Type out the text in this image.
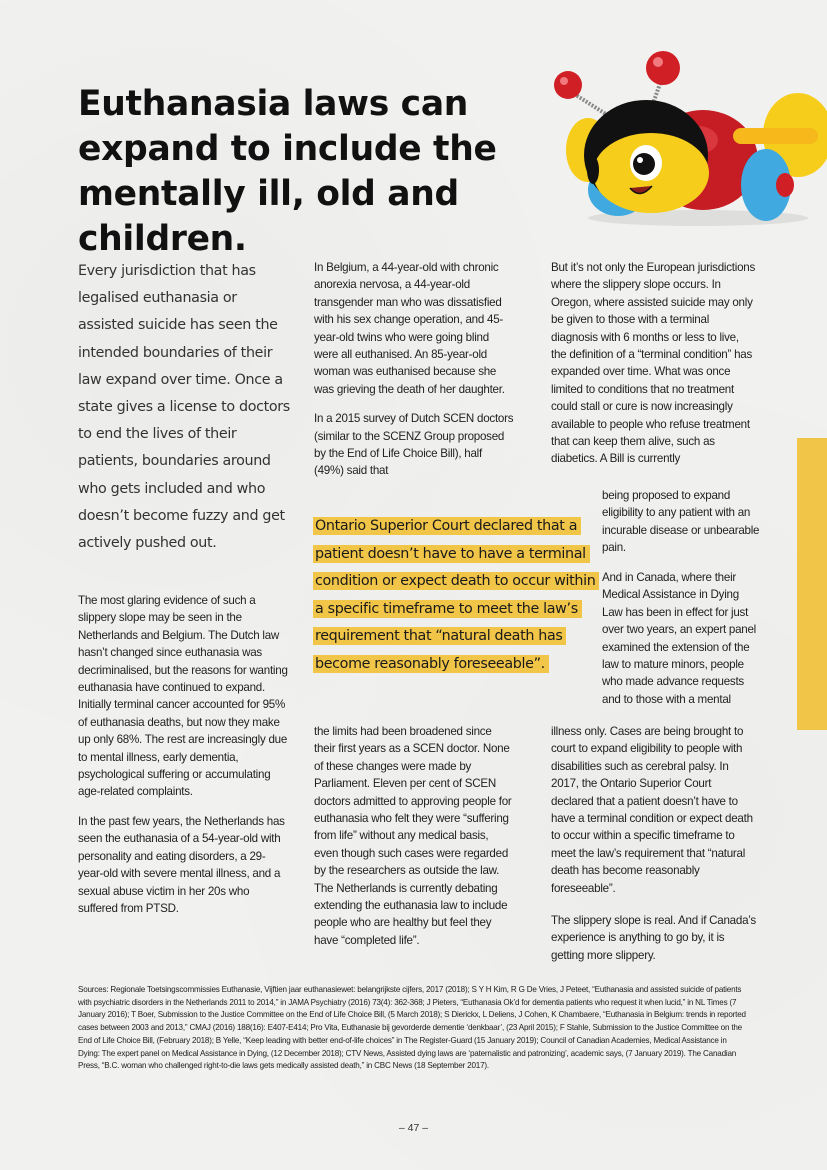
Euthanasia laws can expand to include the mentally ill, old and children.

Every jurisdiction that has legalised euthanasia or assisted suicide has seen the intended boundaries of their law expand over time. Once a state gives a license to doctors to end the lives of their patients, boundaries around who gets included and who doesn’t become fuzzy and get actively pushed out.

The most glaring evidence of such a slippery slope may be seen in the Netherlands and Belgium. The Dutch law hasn’t changed since euthanasia was decriminalised, but the reasons for wanting euthanasia have continued to expand. Initially terminal cancer accounted for 95% of euthanasia deaths, but now they make up only 68%. The rest are increasingly due to mental illness, early dementia, psychological suffering or accumulating age-related complaints.

In the past few years, the Netherlands has seen the euthanasia of a 54-year-old with personality and eating disorders, a 29-year-old with severe mental illness, and a sexual abuse victim in her 20s who suffered from PTSD.

In Belgium, a 44-year-old with chronic anorexia nervosa, a 44-year-old transgender man who was dissatisfied with his sex change operation, and 45-year-old twins who were going blind were all euthanised. An 85-year-old woman was euthanised because she was grieving the death of her daughter.

In a 2015 survey of Dutch SCEN doctors (similar to the SCENZ Group proposed by the End of Life Choice Bill), half (49%) said that

Ontario Superior Court declared that a patient doesn’t have to have a terminal condition or expect death to occur within a specific timeframe to meet the law’s requirement that “natural death has become reasonably foreseeable”.

the limits had been broadened since their first years as a SCEN doctor. None of these changes were made by Parliament. Eleven per cent of SCEN doctors admitted to approving people for euthanasia who felt they were “suffering from life” without any medical basis, even though such cases were regarded by the researchers as outside the law. The Netherlands is currently debating extending the euthanasia law to include people who are healthy but feel they have “completed life”.

But it’s not only the European jurisdictions where the slippery slope occurs. In Oregon, where assisted suicide may only be given to those with a terminal diagnosis with 6 months or less to live, the definition of a “terminal condition” has expanded over time. What was once limited to conditions that no treatment could stall or cure is now increasingly available to people who refuse treatment that can keep them alive, such as diabetics. A Bill is currently

being proposed to expand eligibility to any patient with an incurable disease or unbearable pain.

And in Canada, where their Medical Assistance in Dying Law has been in effect for just over two years, an expert panel examined the extension of the law to mature minors, people who made advance requests and to those with a mental

illness only. Cases are being brought to court to expand eligibility to people with disabilities such as cerebral palsy. In 2017, the Ontario Superior Court declared that a patient doesn’t have to have a terminal condition or expect death to occur within a specific timeframe to meet the law’s requirement that “natural death has become reasonably foreseeable”.

The slippery slope is real. And if Canada’s experience is anything to go by, it is getting more slippery.

Sources: Regionale Toetsingscommissies Euthanasie, Vijftien jaar euthanasiewet: belangrijkste cijfers, 2017 (2018); S Y H Kim, R G De Vries, J Peteet, “Euthanasia and assisted suicide of patients with psychiatric disorders in the Netherlands 2011 to 2014,” in JAMA Psychiatry (2016) 73(4): 362-368; J Pieters, “Euthanasia Ok’d for dementia patients who request it when lucid,” in NL Times (7 January 2016); T Boer, Submission to the Justice Committee on the End of Life Choice Bill, (5 March 2018); S Dierickx, L Deliens, J Cohen, K Chambaere, “Euthanasia in Belgium: trends in reported cases between 2003 and 2013,” CMAJ (2016) 188(16): E407-E414; Pro Vita, Euthanasie bij gevorderde dementie ‘denkbaar’, (23 April 2015); F Stahle, Submission to the Justice Committee on the End of Life Choice Bill, (February 2018); B Yelle, “Keep leading with better end-of-life choices” in The Register-Guard (15 January 2019); Council of Canadian Academies, Medical Assistance in Dying: The expert panel on Medical Assistance in Dying, (12 December 2018); CTV News, Assisted dying laws are ‘paternalistic and patronizing’, academic says, (7 January 2019). The Canadian Press, “B.C. woman who challenged right-to-die laws gets medically assisted death,” in CBC News (18 September 2017).

– 47 –
